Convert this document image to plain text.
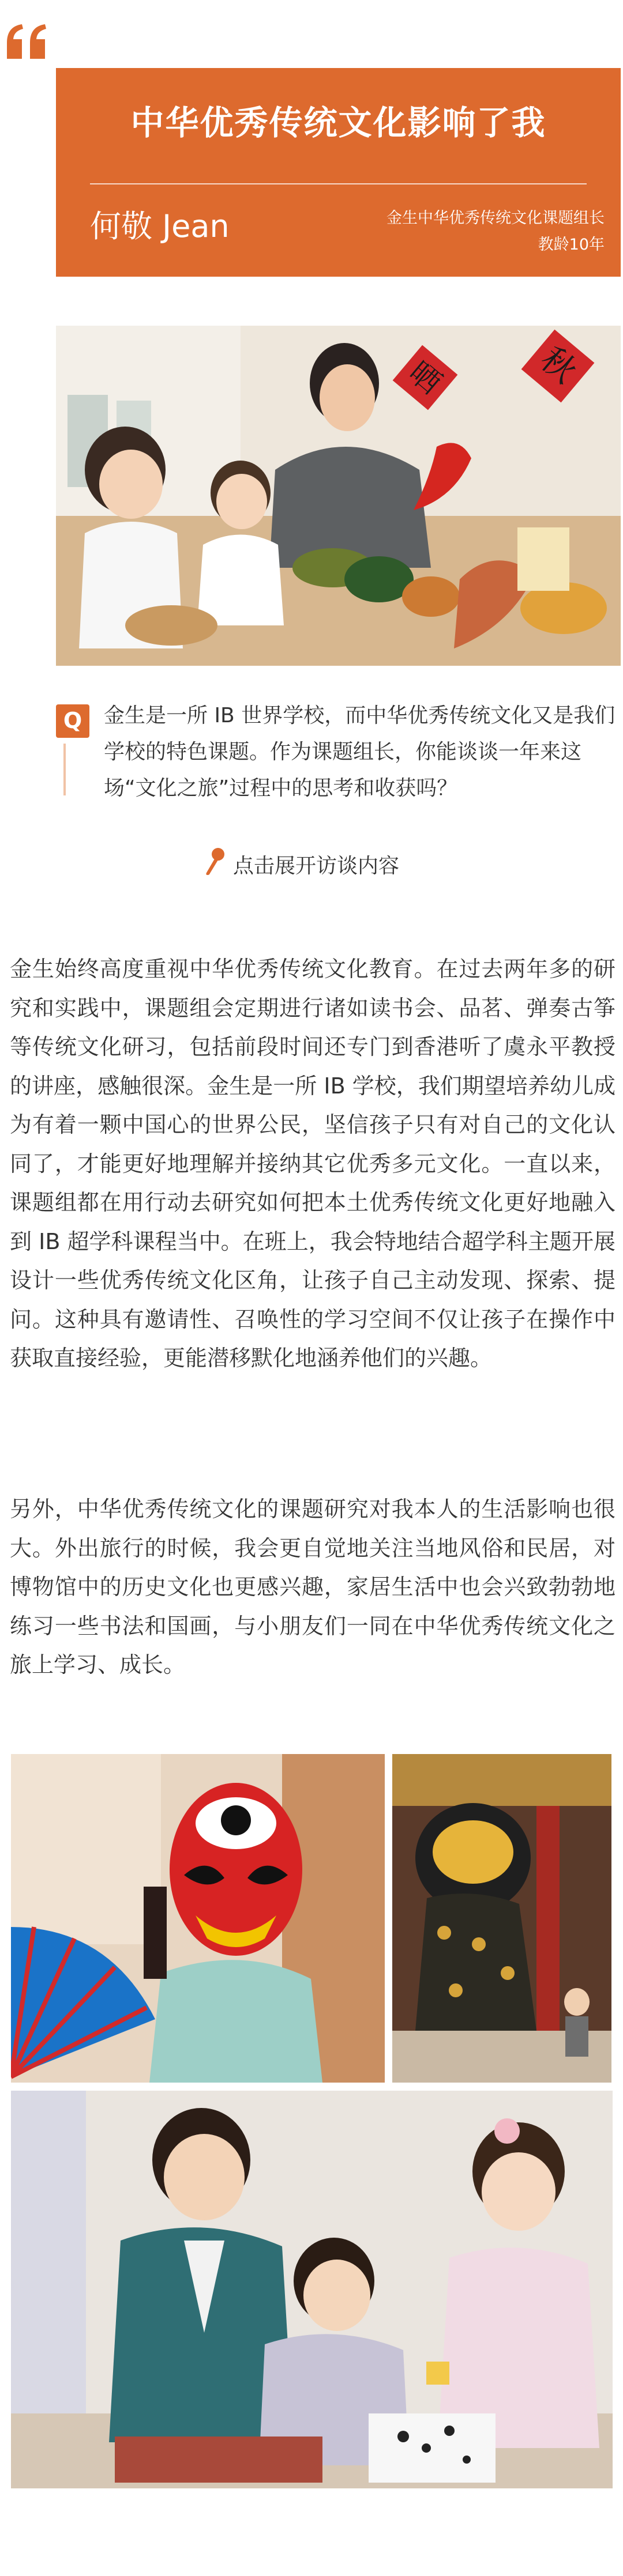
中华优秀传统文化影响了我
何敬 Jean	金生中华优秀传统文化课题组长
教龄10年
晒	秋
Q	金生是一所 IB 世界学校，而中华优秀传统文化又是我们学校的特色课题。作为课题组长，你能谈谈一年来这场“文化之旅”过程中的思考和收获吗？
点击展开访谈内容
金生始终高度重视中华优秀传统文化教育。在过去两年多的研究和实践中，课题组会定期进行诸如读书会、品茗、弹奏古筝等传统文化研习，包括前段时间还专门到香港听了虞永平教授的讲座，感触很深。金生是一所 IB 学校，我们期望培养幼儿成为有着一颗中国心的世界公民，坚信孩子只有对自己的文化认同了，才能更好地理解并接纳其它优秀多元文化。一直以来，课题组都在用行动去研究如何把本土优秀传统文化更好地融入到 IB 超学科课程当中。在班上，我会特地结合超学科主题开展设计一些优秀传统文化区角，让孩子自己主动发现、探索、提问。这种具有邀请性、召唤性的学习空间不仅让孩子在操作中获取直接经验，更能潜移默化地涵养他们的兴趣。
另外，中华优秀传统文化的课题研究对我本人的生活影响也很大。外出旅行的时候，我会更自觉地关注当地风俗和民居，对博物馆中的历史文化也更感兴趣，家居生活中也会兴致勃勃地练习一些书法和国画，与小朋友们一同在中华优秀传统文化之旅上学习、成长。
